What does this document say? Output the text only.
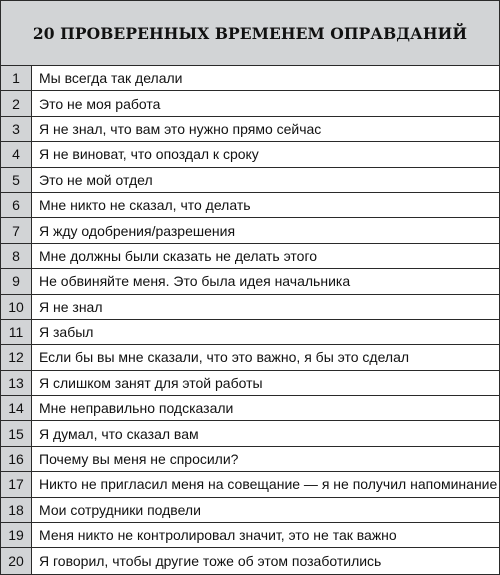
20 ПРОВЕРЕННЫХ ВРЕМЕНЕМ ОПРАВДАНИЙ
1	Мы всегда так делали
2	Это не моя работа
3	Я не знал, что вам это нужно прямо сейчас
4	Я не виноват, что опоздал к сроку
5	Это не мой отдел
6	Мне никто не сказал, что делать
7	Я жду одобрения/разрешения
8	Мне должны были сказать не делать этого
9	Не обвиняйте меня. Это была идея начальника
10	Я не знал
11	Я забыл
12	Если бы вы мне сказали, что это важно, я бы это сделал
13	Я слишком занят для этой работы
14	Мне неправильно подсказали
15	Я думал, что сказал вам
16	Почему вы меня не спросили?
17	Никто не пригласил меня на совещание — я не получил напоминание
18	Мои сотрудники подвели
19	Меня никто не контролировал значит, это не так важно
20	Я говорил, чтобы другие тоже об этом позаботились
